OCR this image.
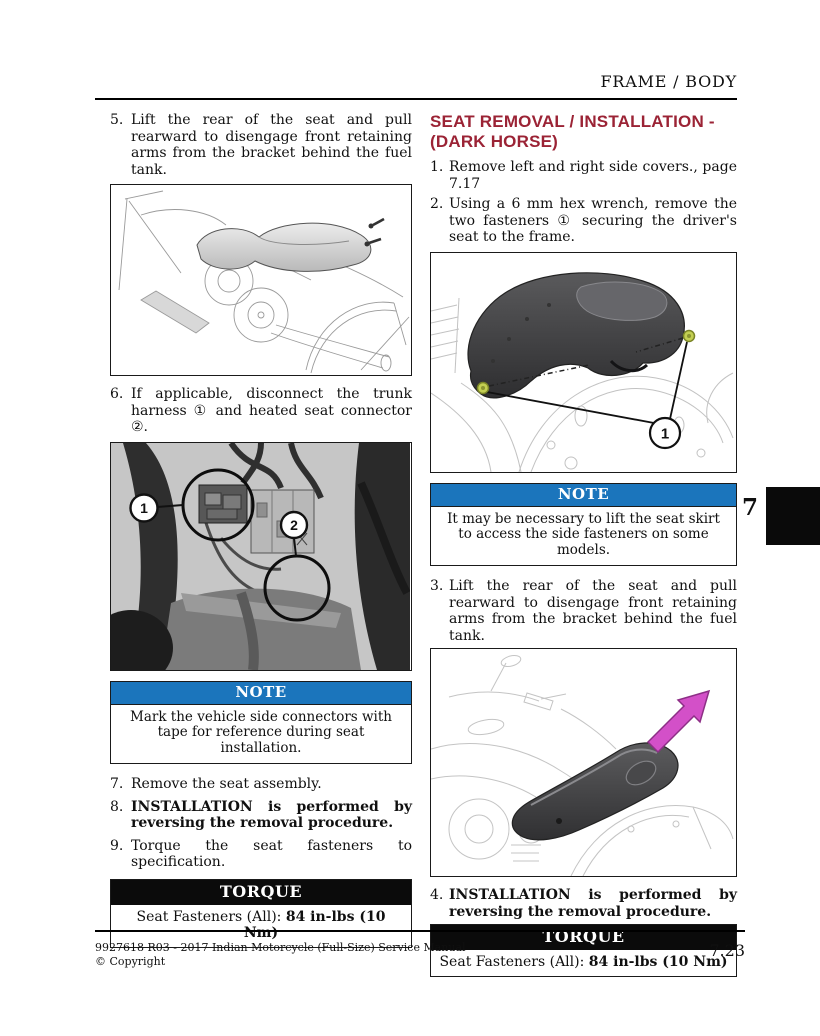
FRAME / BODY
5. Lift the rear of the seat and pull rearward to disengage front retaining arms from the bracket behind the fuel tank.
6. If applicable, disconnect the trunk harness ① and heated seat connector ②.
1
2
NOTE
Mark the vehicle side connectors with tape for reference during seat installation.
7. Remove the seat assembly.
8. INSTALLATION is performed by reversing the removal procedure.
9. Torque the seat fasteners to specification.
TORQUE
Seat Fasteners (All): 84 in-lbs (10 Nm)
SEAT REMOVAL / INSTALLATION - (DARK HORSE)
1. Remove left and right side covers., page 7.17
2. Using a 6 mm hex wrench, remove the two fasteners ① securing the driver's seat to the frame.
1
NOTE
It may be necessary to lift the seat skirt to access the side fasteners on some models.
3. Lift the rear of the seat and pull rearward to disengage front retaining arms from the bracket behind the fuel tank.
4. INSTALLATION is performed by reversing the removal procedure.
TORQUE
Seat Fasteners (All): 84 in-lbs (10 Nm)
7
9927618 R03 - 2017 Indian Motorcycle (Full-Size) Service Manual
© Copyright
7.23
